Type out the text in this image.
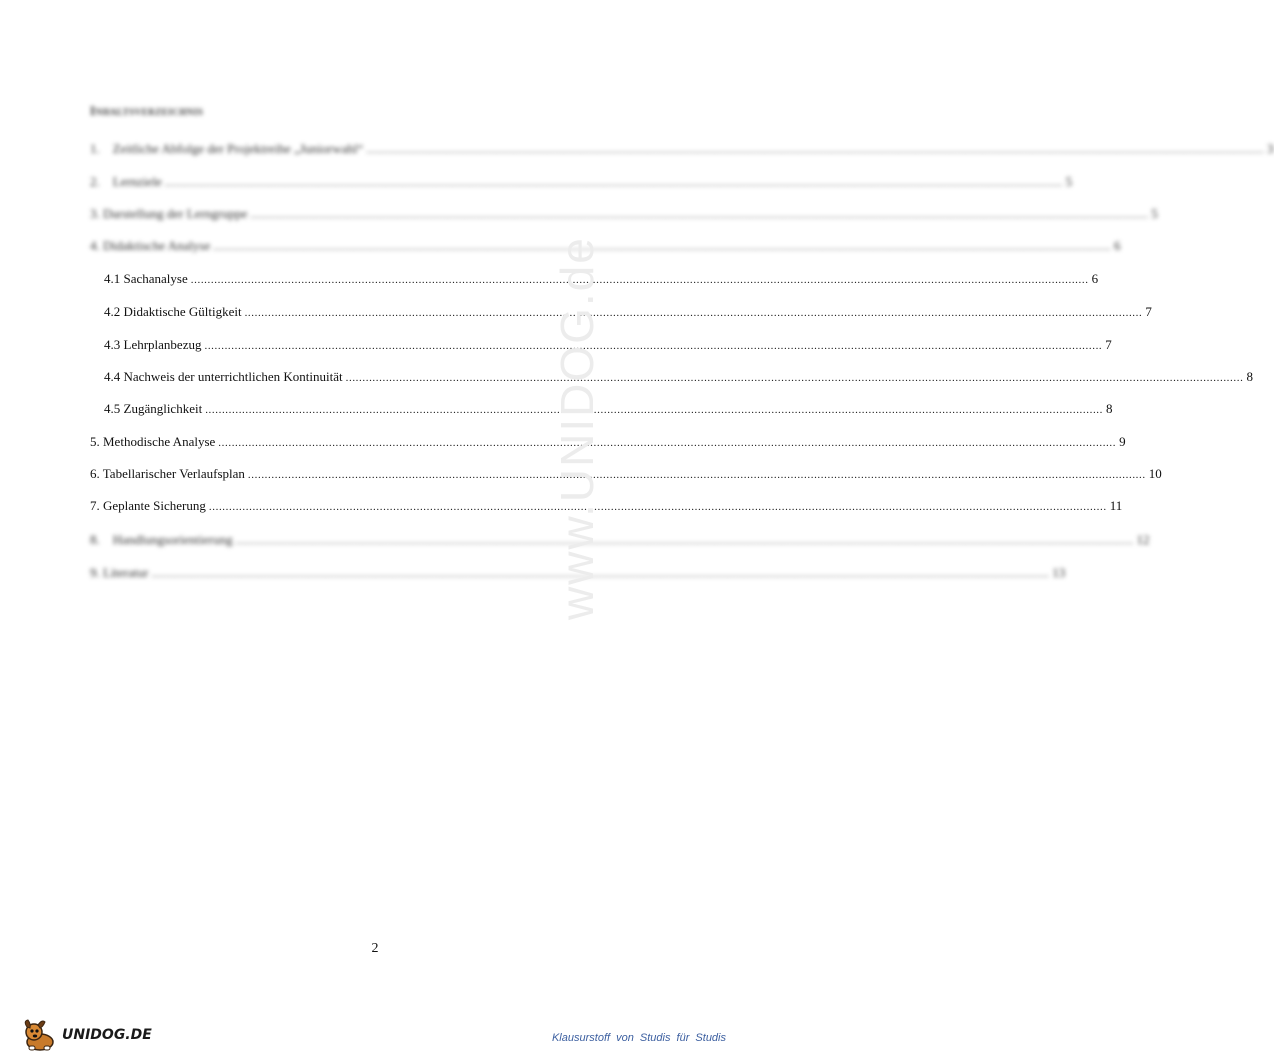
Inhaltsverzeichnis
1. Zeitliche Abfolge der Projektreihe „Juniorwahl“ ............................................................................................................................................................................................................................................................................ 3
2. Lernziele ............................................................................................................................................................................................................................................................................ 5
3. Darstellung der Lerngruppe ............................................................................................................................................................................................................................................................................ 5
4. Didaktische Analyse ............................................................................................................................................................................................................................................................................ 6
4.1 Sachanalyse ............................................................................................................................................................................................................................................................................ 6
4.2 Didaktische Gültigkeit ............................................................................................................................................................................................................................................................................ 7
4.3 Lehrplanbezug ............................................................................................................................................................................................................................................................................ 7
4.4 Nachweis der unterrichtlichen Kontinuität ............................................................................................................................................................................................................................................................................ 8
4.5 Zugänglichkeit ............................................................................................................................................................................................................................................................................ 8
5. Methodische Analyse ............................................................................................................................................................................................................................................................................ 9
6. Tabellarischer Verlaufsplan ............................................................................................................................................................................................................................................................................ 10
7. Geplante Sicherung ............................................................................................................................................................................................................................................................................ 11
8. Handlungsorientierung ............................................................................................................................................................................................................................................................................ 12
9. Literatur ............................................................................................................................................................................................................................................................................ 13
www.UNIDOG.de
2
UNIDOG.DE	Klausurstoff von Studis für Studis
